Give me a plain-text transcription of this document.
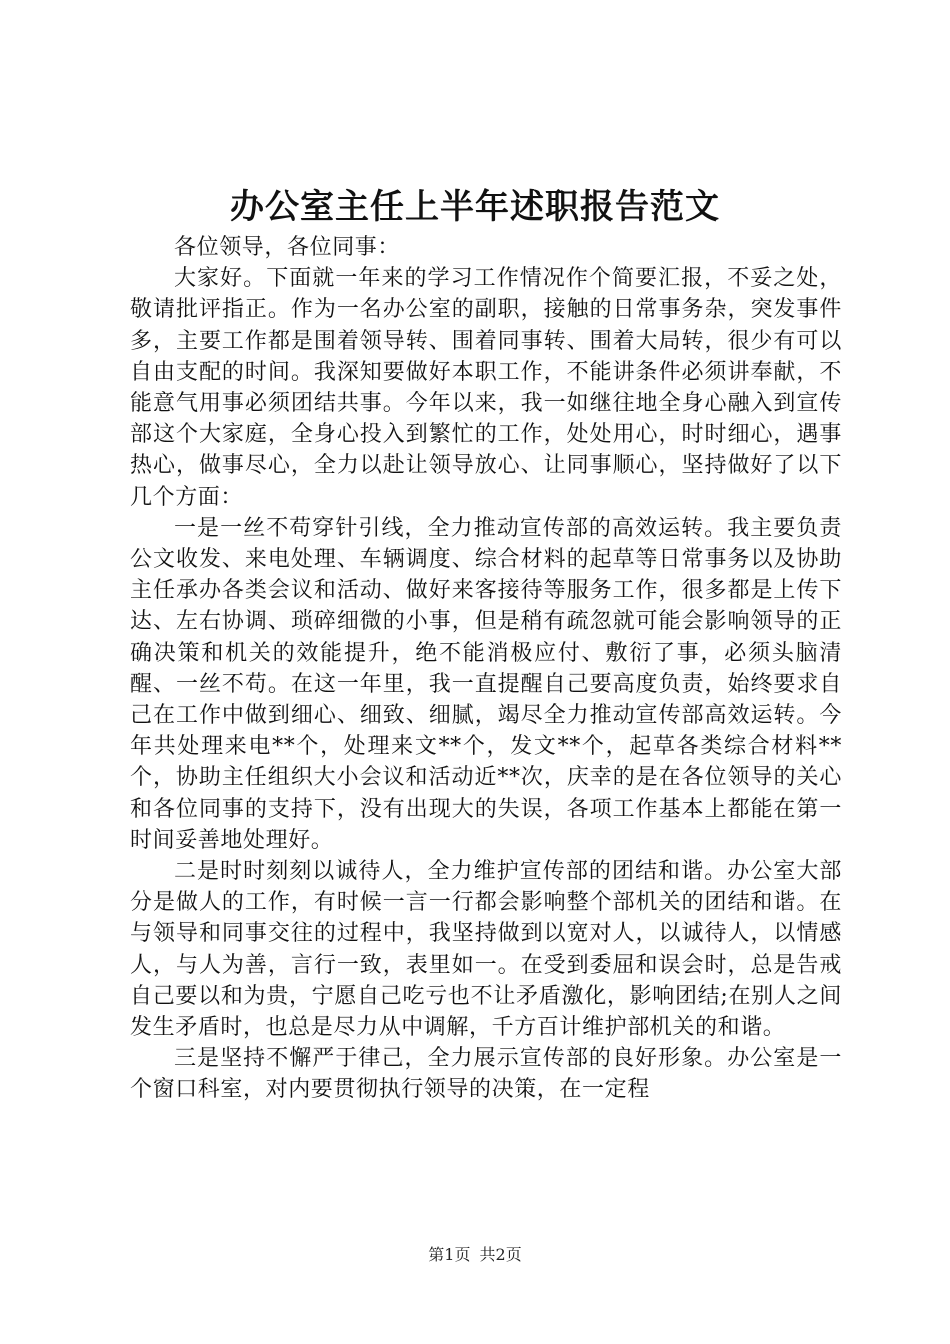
办公室主任上半年述职报告范文

各位领导，各位同事：

大家好。下面就一年来的学习工作情况作个简要汇报，不妥之处，敬请批评指正。作为一名办公室的副职，接触的日常事务杂，突发事件多，主要工作都是围着领导转、围着同事转、围着大局转，很少有可以自由支配的时间。我深知要做好本职工作，不能讲条件必须讲奉献，不能意气用事必须团结共事。今年以来，我一如继往地全身心融入到宣传部这个大家庭，全身心投入到繁忙的工作，处处用心，时时细心，遇事热心，做事尽心，全力以赴让领导放心、让同事顺心，坚持做好了以下几个方面：

一是一丝不苟穿针引线，全力推动宣传部的高效运转。我主要负责公文收发、来电处理、车辆调度、综合材料的起草等日常事务以及协助主任承办各类会议和活动、做好来客接待等服务工作，很多都是上传下达、左右协调、琐碎细微的小事，但是稍有疏忽就可能会影响领导的正确决策和机关的效能提升，绝不能消极应付、敷衍了事，必须头脑清醒、一丝不苟。在这一年里，我一直提醒自己要高度负责，始终要求自己在工作中做到细心、细致、细腻，竭尽全力推动宣传部高效运转。今年共处理来电**个，处理来文**个，发文**个，起草各类综合材料**个，协助主任组织大小会议和活动近**次，庆幸的是在各位领导的关心和各位同事的支持下，没有出现大的失误，各项工作基本上都能在第一时间妥善地处理好。

二是时时刻刻以诚待人，全力维护宣传部的团结和谐。办公室大部分是做人的工作，有时候一言一行都会影响整个部机关的团结和谐。在与领导和同事交往的过程中，我坚持做到以宽对人，以诚待人，以情感人，与人为善，言行一致，表里如一。在受到委屈和误会时，总是告戒自己要以和为贵，宁愿自己吃亏也不让矛盾激化，影响团结;在别人之间发生矛盾时，也总是尽力从中调解，千方百计维护部机关的和谐。

三是坚持不懈严于律己，全力展示宣传部的良好形象。办公室是一个窗口科室，对内要贯彻执行领导的决策，在一定程

第1页 共2页
